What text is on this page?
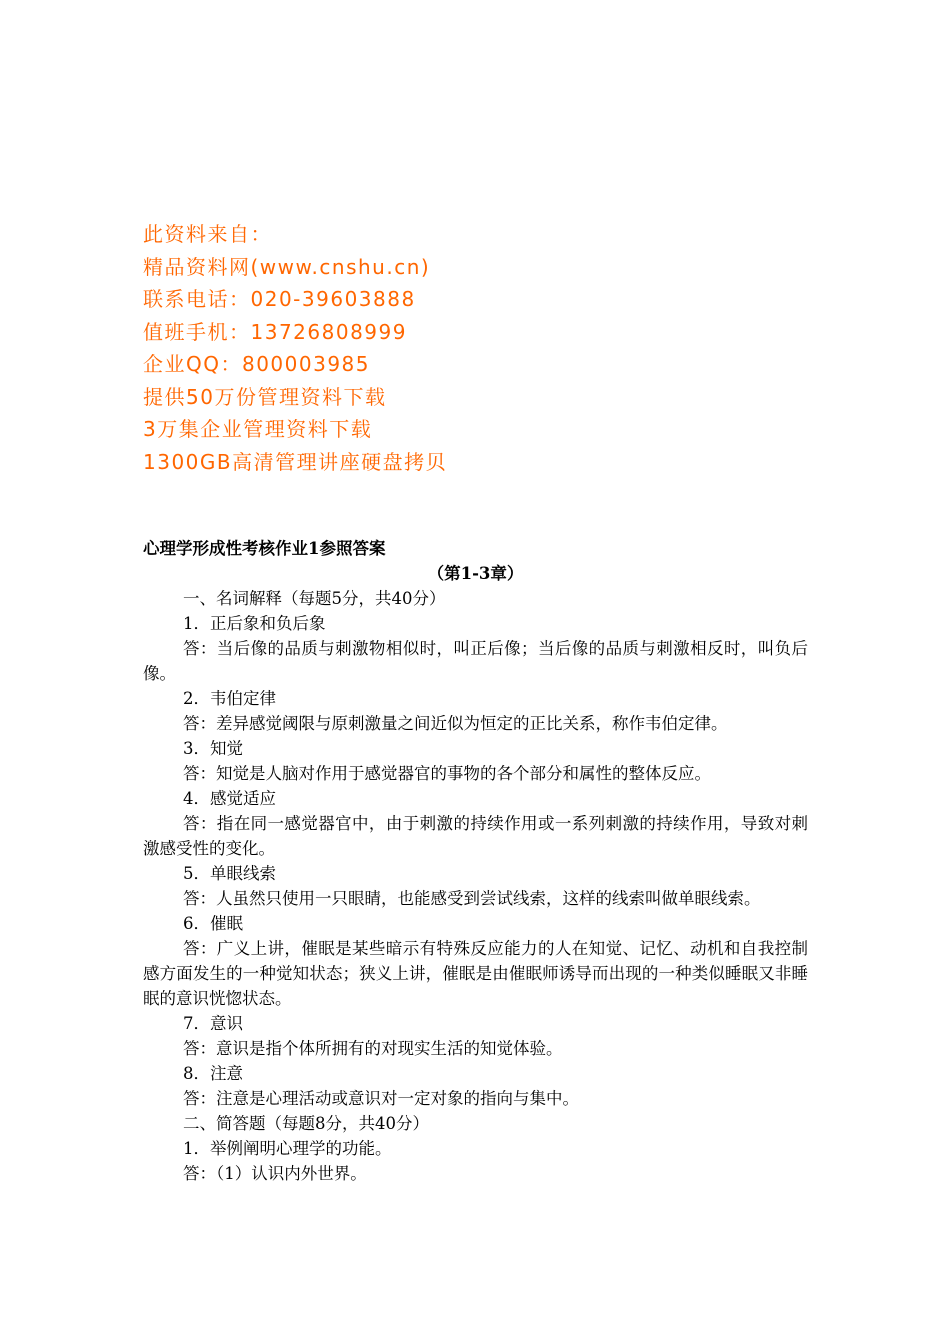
此资料来自：
精品资料网(www.cnshu.cn)
联系电话：020-39603888
值班手机：13726808999
企业QQ：800003985
提供50万份管理资料下载
3万集企业管理资料下载
1300GB高清管理讲座硬盘拷贝
心理学形成性考核作业1参照答案
（第1-3章）

一、名词解释（每题5分，共40分）

1．正后象和负后象

答：当后像的品质与刺激物相似时，叫正后像；当后像的品质与刺激相反时，叫负后像。

2．韦伯定律

答：差异感觉阈限与原刺激量之间近似为恒定的正比关系，称作韦伯定律。

3．知觉

答：知觉是人脑对作用于感觉器官的事物的各个部分和属性的整体反应。

4．感觉适应

答：指在同一感觉器官中，由于刺激的持续作用或一系列刺激的持续作用，导致对刺激感受性的变化。

5．单眼线索

答：人虽然只使用一只眼睛，也能感受到尝试线索，这样的线索叫做单眼线索。

6．催眠

答：广义上讲，催眠是某些暗示有特殊反应能力的人在知觉、记忆、动机和自我控制感方面发生的一种觉知状态；狭义上讲，催眠是由催眠师诱导而出现的一种类似睡眠又非睡眠的意识恍惚状态。

7．意识

答：意识是指个体所拥有的对现实生活的知觉体验。

8．注意

答：注意是心理活动或意识对一定对象的指向与集中。

二、简答题（每题8分，共40分）

1．举例阐明心理学的功能。

答：（1）认识内外世界。
